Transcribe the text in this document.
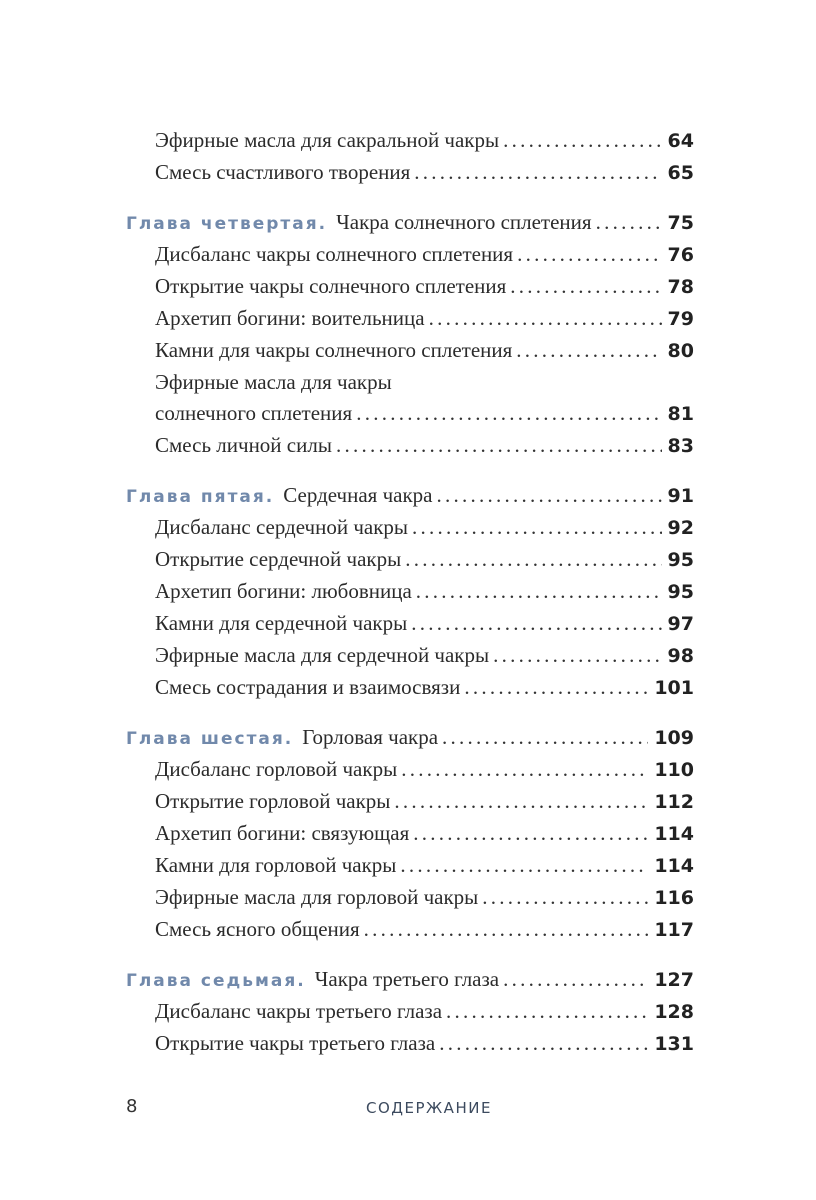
Эфирные масла для сакральной чакры . . .	64
Смесь счастливого творения . . .	65
Глава четвертая. Чакра солнечного сплетения . . .	75
Дисбаланс чакры солнечного сплетения . . .	76
Открытие чакры солнечного сплетения . . .	78
Архетип богини: воительница . . .	79
Камни для чакры солнечного сплетения . . .	80
Эфирные масла для чакры
солнечного сплетения . . .	81
Смесь личной силы . . .	83
Глава пятая. Сердечная чакра . . .	91
Дисбаланс сердечной чакры . . .	92
Открытие сердечной чакры . . .	95
Архетип богини: любовница . . .	95
Камни для сердечной чакры . . .	97
Эфирные масла для сердечной чакры . . .	98
Смесь сострадания и взаимосвязи . . .	101
Глава шестая. Горловая чакра . . .	109
Дисбаланс горловой чакры . . .	110
Открытие горловой чакры . . .	112
Архетип богини: связующая . . .	114
Камни для горловой чакры . . .	114
Эфирные масла для горловой чакры . . .	116
Смесь ясного общения . . .	117
Глава седьмая. Чакра третьего глаза . . .	127
Дисбаланс чакры третьего глаза . . .	128
Открытие чакры третьего глаза . . .	131
8	СОДЕРЖАНИЕ
